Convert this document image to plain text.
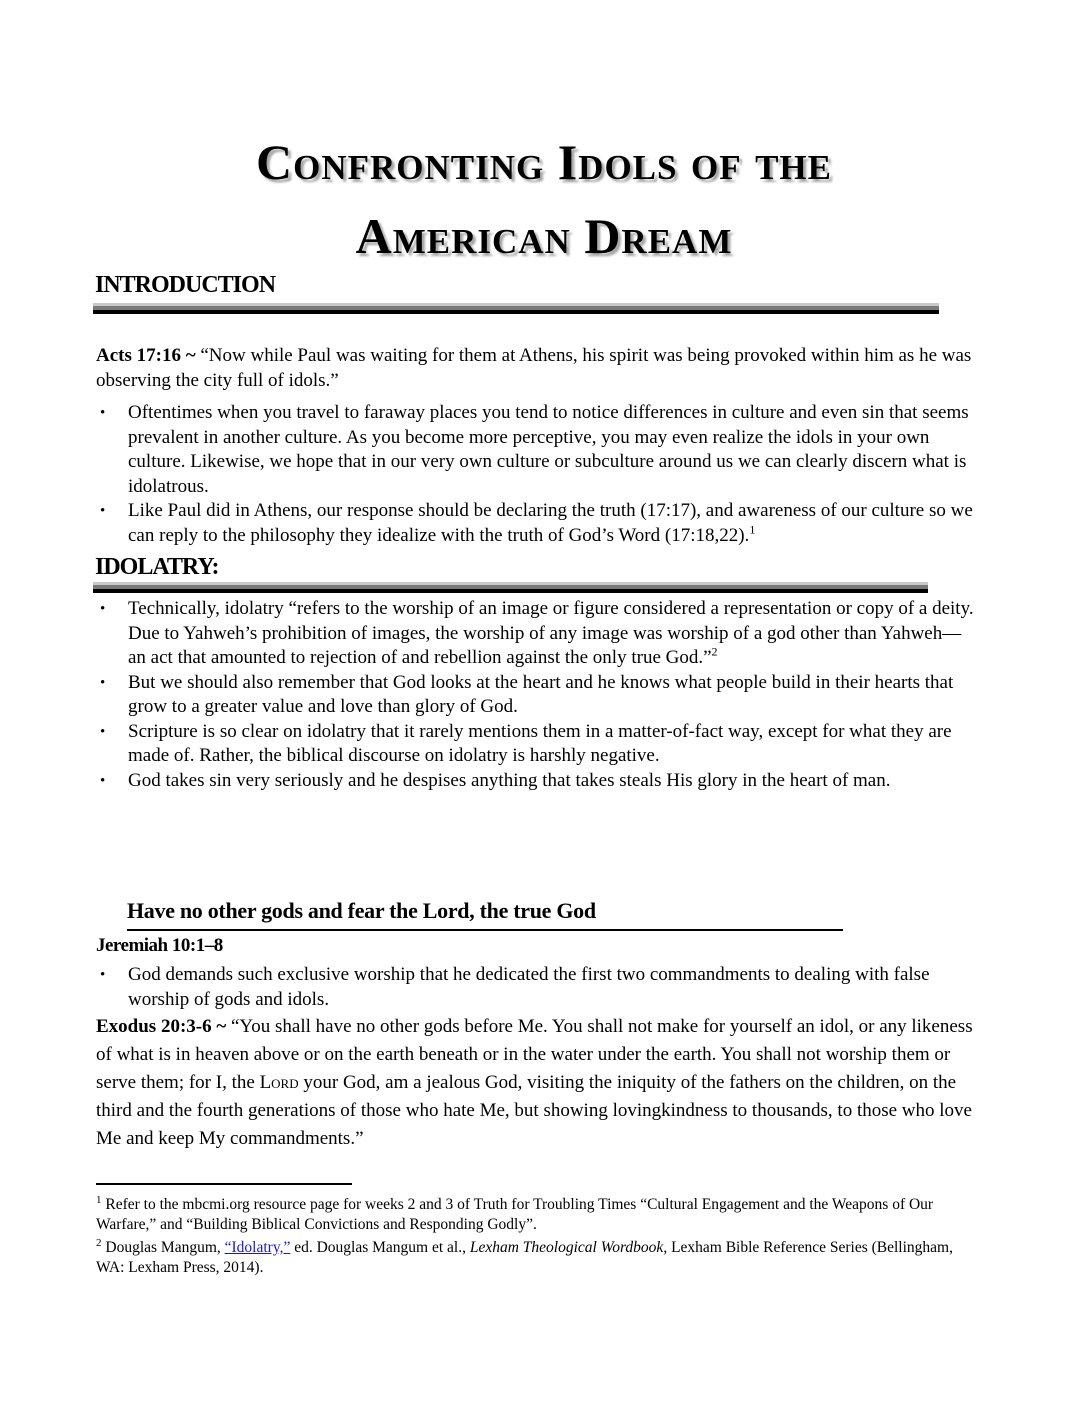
Confronting Idols of the
American Dream
INTRODUCTION
Acts 17:16 ~ “Now while Paul was waiting for them at Athens, his spirit was being provoked within him as he was observing the city full of idols.”
• Oftentimes when you travel to faraway places you tend to notice differences in culture and even sin that seems prevalent in another culture. As you become more perceptive, you may even realize the idols in your own culture. Likewise, we hope that in our very own culture or subculture around us we can clearly discern what is idolatrous.
• Like Paul did in Athens, our response should be declaring the truth (17:17), and awareness of our culture so we can reply to the philosophy they idealize with the truth of God’s Word (17:18,22).$^1$
IDOLATRY:
• Technically, idolatry “refers to the worship of an image or figure considered a representation or copy of a deity. Due to Yahweh’s prohibition of images, the worship of any image was worship of a god other than Yahweh—an act that amounted to rejection of and rebellion against the only true God.”$^2$
• But we should also remember that God looks at the heart and he knows what people build in their hearts that grow to a greater value and love than glory of God.
• Scripture is so clear on idolatry that it rarely mentions them in a matter-of-fact way, except for what they are made of. Rather, the biblical discourse on idolatry is harshly negative.
• God takes sin very seriously and he despises anything that takes steals His glory in the heart of man.
Have no other gods and fear the Lord, the true God
Jeremiah 10:1–8
• God demands such exclusive worship that he dedicated the first two commandments to dealing with false worship of gods and idols.
Exodus 20:3-6 ~ “You shall have no other gods before Me. You shall not make for yourself an idol, or any likeness of what is in heaven above or on the earth beneath or in the water under the earth. You shall not worship them or serve them; for I, the Lord your God, am a jealous God, visiting the iniquity of the fathers on the children, on the third and the fourth generations of those who hate Me, but showing lovingkindness to thousands, to those who love Me and keep My commandments.”
$^1$ Refer to the mbcmi.org resource page for weeks 2 and 3 of Truth for Troubling Times “Cultural Engagement and the Weapons of Our Warfare,” and “Building Biblical Convictions and Responding Godly”.
$^2$ Douglas Mangum, “Idolatry,” ed. Douglas Mangum et al., Lexham Theological Wordbook, Lexham Bible Reference Series (Bellingham, WA: Lexham Press, 2014).
